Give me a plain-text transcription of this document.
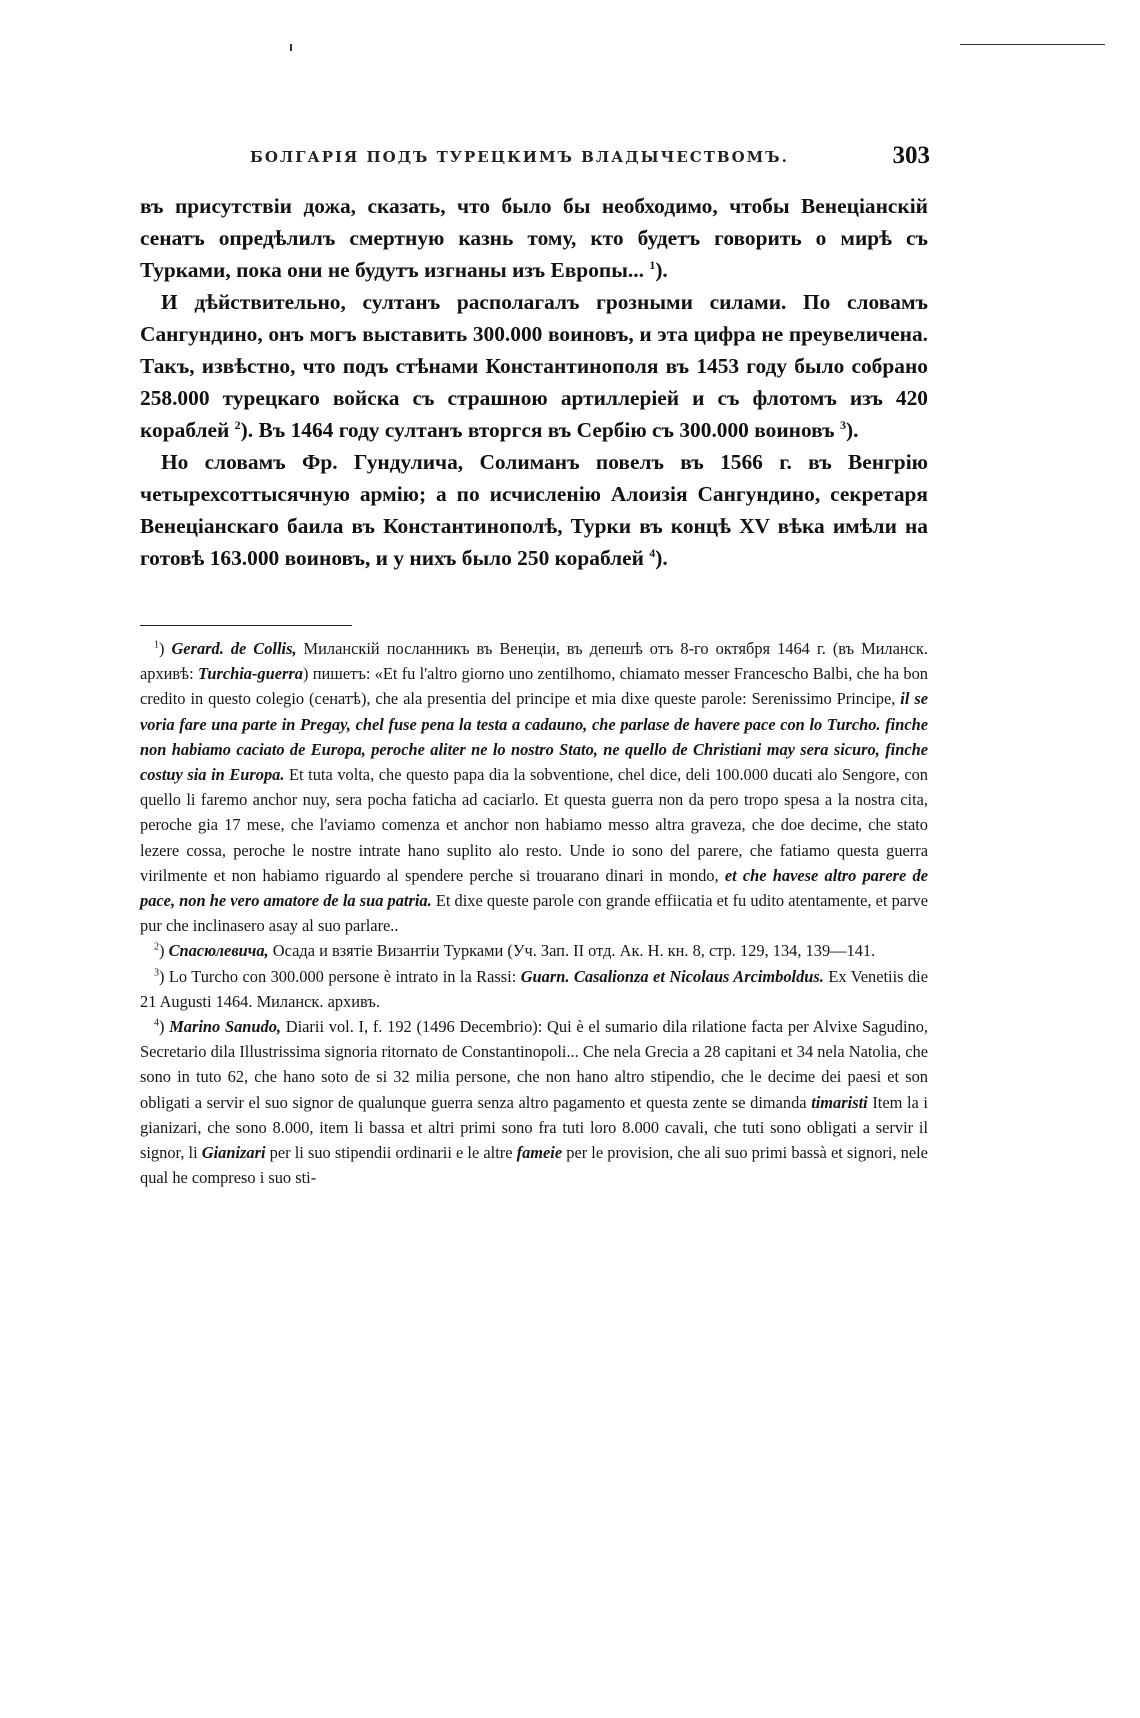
БОЛГАРІЯ ПОДЪ ТУРЕЦКИМЪ ВЛАДЫЧЕСТВОМЪ.	303

въ присутствіи дожа, сказать, что было бы необходимо, чтобы Венеціанскій сенатъ опредѣлилъ смертную казнь тому, кто будетъ говорить о мирѣ съ Турками, пока они не будутъ изгнаны изъ Европы... $^1$).

И дѣйствительно, султанъ располагалъ грозными силами. По словамъ Сангундино, онъ могъ выставить 300.000 воиновъ, и эта цифра не преувеличена. Такъ, извѣстно, что подъ стѣнами Константинополя въ 1453 году было собрано 258.000 турецкаго войска съ страшною артиллеріей и съ флотомъ изъ 420 кораблей $^2$). Въ 1464 году султанъ вторгся въ Сербію съ 300.000 воиновъ $^3$).

Но словамъ Фр. Гундулича, Солиманъ повелъ въ 1566 г. въ Венгрію четырехсоттысячную армію; а по исчисленію Алоизія Сангундино, секретаря Венеціанскаго баила въ Константинополѣ, Турки въ концѣ XV вѣка имѣли на готовѣ 163.000 воиновъ, и у нихъ было 250 кораблей $^4$).

$^1$) Gerard. de Collis, Миланскій посланникъ въ Венеціи, въ депешѣ отъ 8-го октября 1464 г. (въ Миланск. архивѣ: Turchia-guerra) пишетъ: «Et fu l'altro giorno uno zentilhomo, chiamato messer Francescho Balbi, che ha bon credito in questo colegio (сенатѣ), che ala presentia del principe et mia dixe queste parole: Serenissimo Principe, il se voria fare una parte in Pregay, chel fuse pena la testa a cadauno, che parlase de havere pace con lo Turcho. finche non habiamo caciato de Europa, peroche aliter ne lo nostro Stato, ne quello de Christiani may sera sicuro, finche costuy sia in Europa. Et tuta volta, che questo papa dia la sobventione, chel dice, deli 100.000 ducati alo Sengore, con quello li faremo anchor nuy, sera pocha faticha ad caciarlo. Et questa guerra non da pero tropo spesa a la nostra cita, peroche gia 17 mese, che l'aviamo comenza et anchor non habiamo messo altra graveza, che doe decime, che stato lezere cossa, peroche le nostre intrate hano suplito alo resto. Unde io sono del parere, che fatiamo questa guerra virilmente et non habiamo riguardo al spendere perche si trouarano dinari in mondo, et che havese altro parere de pace, non he vero amatore de la sua patria. Et dixe queste parole con grande effiicatia et fu udito atentamente, et parve pur che inclinasero asay al suo parlare..

$^2$) Спасюлевича, Осада и взятіе Византіи Турками (Уч. Зап. II отд. Ак. Н. кн. 8, стр. 129, 134, 139—141.

$^3$) Lo Turcho con 300.000 persone è intrato in la Rassi: Guarn. Casalionza et Nicolaus Arcimboldus. Ex Venetiis die 21 Augusti 1464. Миланск. архивъ.

$^4$) Marino Sanudo, Diarii vol. I, f. 192 (1496 Decembrio): Qui è el sumario dila rilatione facta per Alvixe Sagudino, Secretario dila Illustrissima signoria ritornato de Constantinopoli... Che nela Grecia a 28 capitani et 34 nela Natolia, che sono in tuto 62, che hano soto de si 32 milia persone, che non hano altro stipendio, che le decime dei paesi et son obligati a servir el suo signor de qualunque guerra senza altro pagamento et questa zente se dimanda timaristi Item la i gianizari, che sono 8.000, item li bassa et altri primi sono fra tuti loro 8.000 cavali, che tuti sono obligati a servir il signor, li Gianizari per li suo stipendii ordinarii e le altre famеie per le provision, che ali suo primi bassà et signori, nele qual he compreso i suo sti-
